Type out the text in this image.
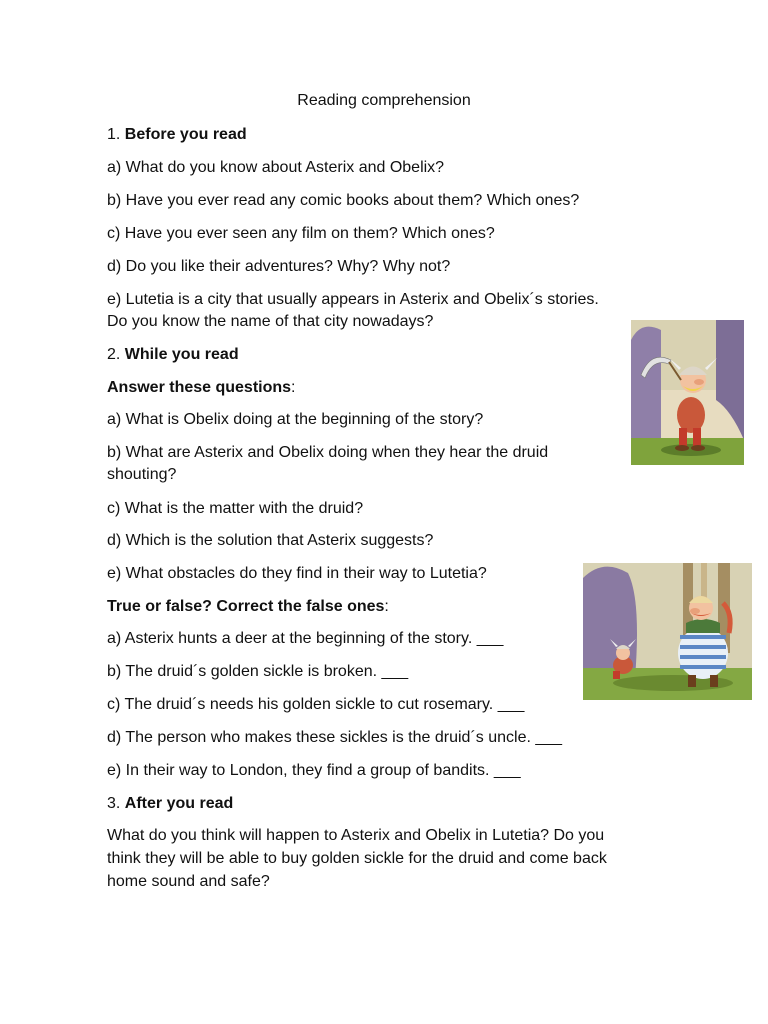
Reading comprehension
1. Before you read
a) What do you know about Asterix and Obelix?
b) Have you ever read any comic books about them? Which ones?
c) Have you ever seen any film on them? Which ones?
d) Do you like their adventures? Why? Why not?
e) Lutetia is a city that usually appears in Asterix and Obelix´s stories.
Do you know the name of that city nowadays?
2. While you read
Answer these questions:
a) What is Obelix doing at the beginning of the story?
b) What are Asterix and Obelix doing when they hear the druid
shouting?
c) What is the matter with the druid?
d) Which is the solution that Asterix suggests?
e) What obstacles do they find in their way to Lutetia?
True or false? Correct the false ones:
a) Asterix hunts a deer at the beginning of the story. ___
b) The druid´s golden sickle is broken. ___
c) The druid´s needs his golden sickle to cut rosemary. ___
d) The person who makes these sickles is the druid´s uncle. ___
e) In their way to London, they find a group of bandits. ___
3. After you read
What do you think will happen to Asterix and Obelix in Lutetia? Do you
think they will be able to buy golden sickle for the druid and come back
home sound and safe?
